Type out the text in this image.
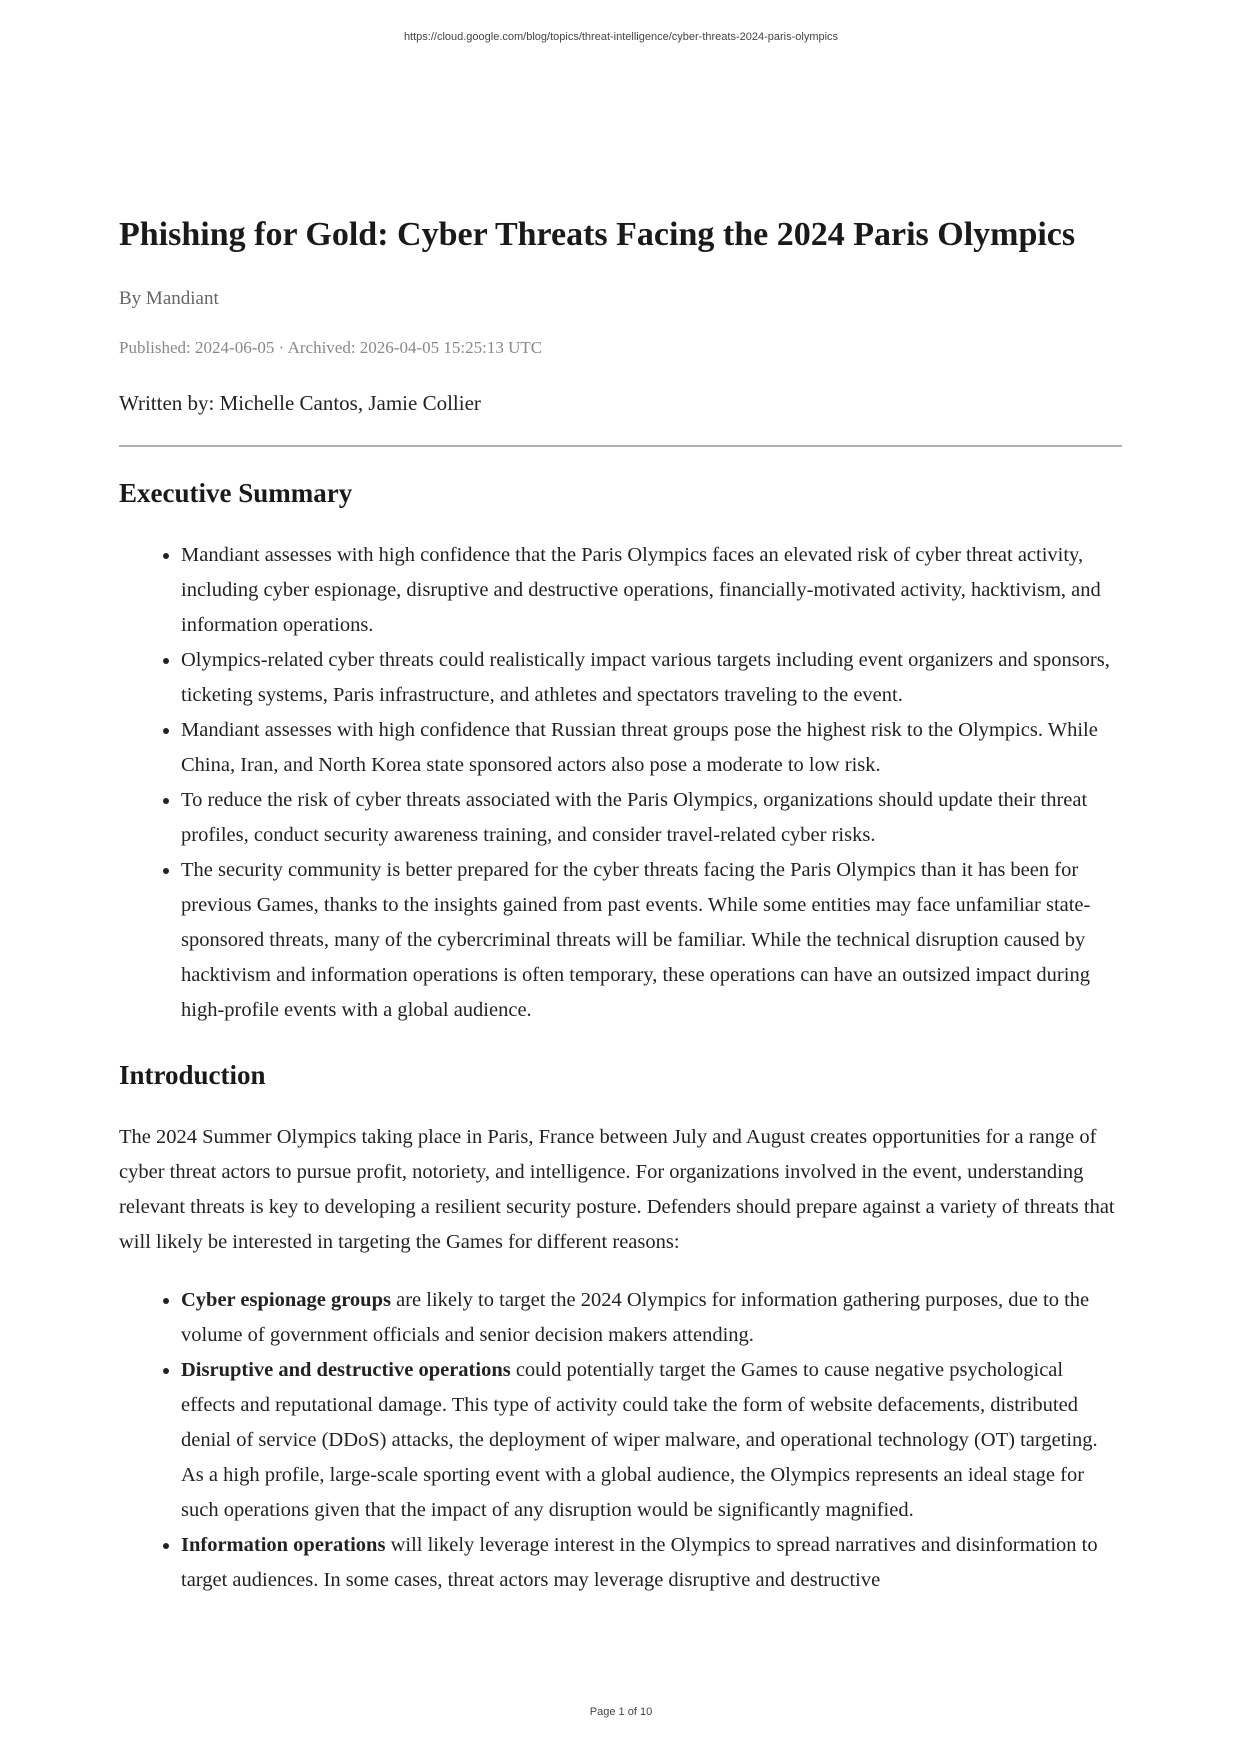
https://cloud.google.com/blog/topics/threat-intelligence/cyber-threats-2024-paris-olympics
Phishing for Gold: Cyber Threats Facing the 2024 Paris Olympics
By Mandiant
Published: 2024-06-05 · Archived: 2026-04-05 15:25:13 UTC
Written by: Michelle Cantos, Jamie Collier
Executive Summary
• Mandiant assesses with high confidence that the Paris Olympics faces an elevated risk of cyber threat activity, including cyber espionage, disruptive and destructive operations, financially-motivated activity, hacktivism, and information operations.
• Olympics-related cyber threats could realistically impact various targets including event organizers and sponsors, ticketing systems, Paris infrastructure, and athletes and spectators traveling to the event.
• Mandiant assesses with high confidence that Russian threat groups pose the highest risk to the Olympics. While China, Iran, and North Korea state sponsored actors also pose a moderate to low risk.
• To reduce the risk of cyber threats associated with the Paris Olympics, organizations should update their threat profiles, conduct security awareness training, and consider travel-related cyber risks.
• The security community is better prepared for the cyber threats facing the Paris Olympics than it has been for previous Games, thanks to the insights gained from past events. While some entities may face unfamiliar state-sponsored threats, many of the cybercriminal threats will be familiar. While the technical disruption caused by hacktivism and information operations is often temporary, these operations can have an outsized impact during high-profile events with a global audience.
Introduction

The 2024 Summer Olympics taking place in Paris, France between July and August creates opportunities for a range of cyber threat actors to pursue profit, notoriety, and intelligence. For organizations involved in the event, understanding relevant threats is key to developing a resilient security posture. Defenders should prepare against a variety of threats that will likely be interested in targeting the Games for different reasons:

• Cyber espionage groups are likely to target the 2024 Olympics for information gathering purposes, due to the volume of government officials and senior decision makers attending.
• Disruptive and destructive operations could potentially target the Games to cause negative psychological effects and reputational damage. This type of activity could take the form of website defacements, distributed denial of service (DDoS) attacks, the deployment of wiper malware, and operational technology (OT) targeting. As a high profile, large-scale sporting event with a global audience, the Olympics represents an ideal stage for such operations given that the impact of any disruption would be significantly magnified.
• Information operations will likely leverage interest in the Olympics to spread narratives and disinformation to target audiences. In some cases, threat actors may leverage disruptive and destructive
Page 1 of 10
